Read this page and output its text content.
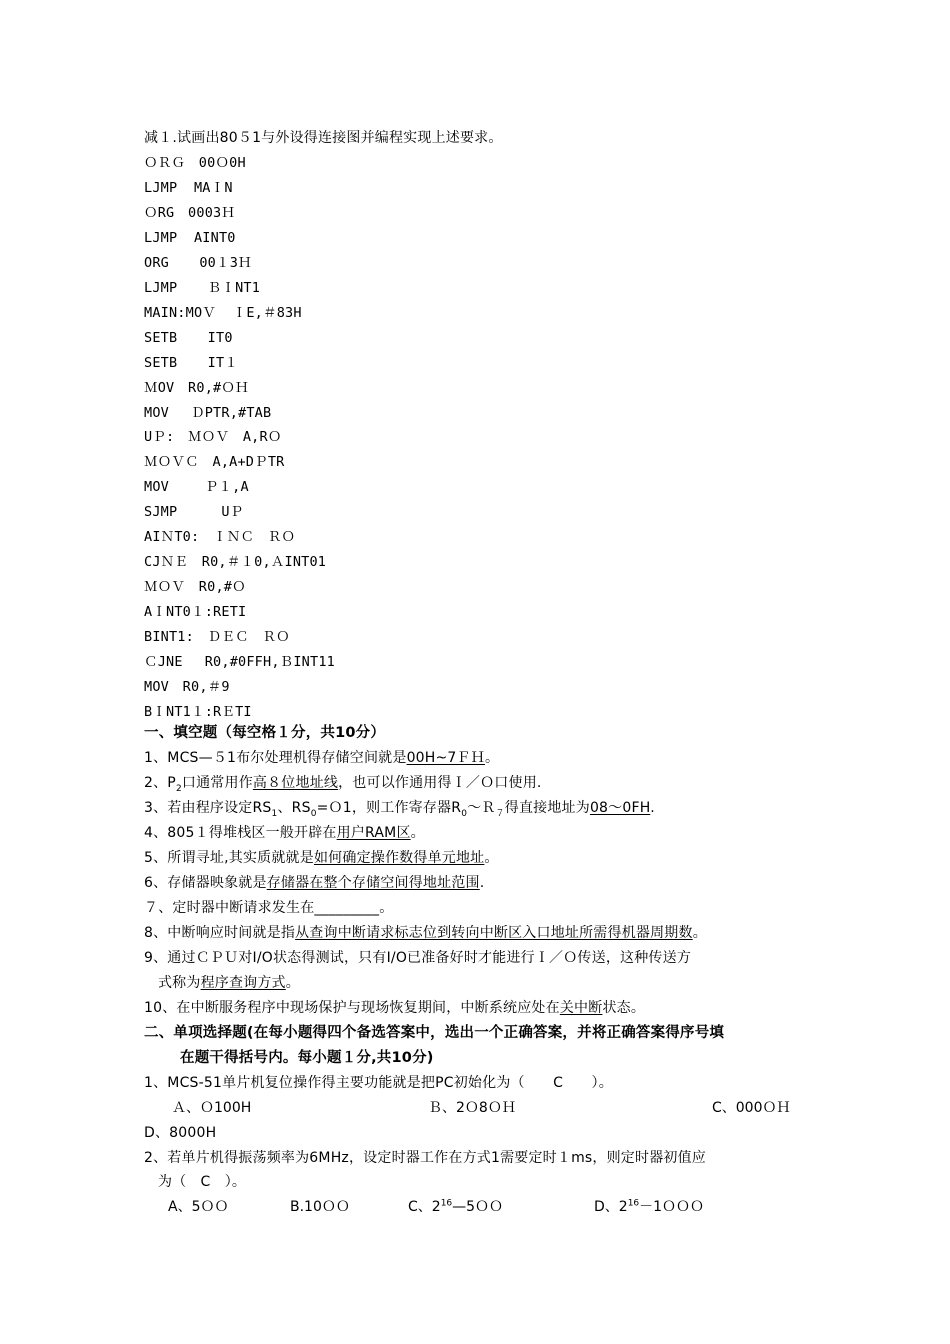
减１.试画出80５1与外设得连接图并编程实现上述要求。
ＯＲＧ　00Ｏ0H
LJMP  MAＩN
ＯRG　0003Ｈ
LJMP  AINT0
ORG  　00１3Ｈ
LJMP  　ＢＩNT1
MAIN:MOＶ  ＩE,＃83H
SETB  　IT0
SETB  　IT１
ＭOV　R0,#ＯＨ
MOV 　ＤPTR,#TAB
UＰ:　ＭＯＶ　A,RＯ
ＭＯＶＣ　A,A+DＰTR
MOV 　　Ｐ１,A
SJMP  　　UＰ
AIＮT0:　ＩＮＣ　ＲＯ
CJＮＥ　R0,＃１0,ＡINT01
ＭＯＶ　R0,#Ｏ
AＩNT0１:RETI
BINT1:　ＤＥＣ　ＲＯ
ＣJNE 　R0,#0FFH,ＢINT11
MOV　R0,＃9
BＩNT1１:RＥTI
一、填空题（每空格１分，共10分）
1、MCS—５1布尔处理机得存储空间就是00H~7ＦＨ。
2、$P_2$口通常用作高８位地址线，也可以作通用得Ｉ／Ｏ口使用.
3、若由程序设定$RS_1$、$RS_0=O1$，则工作寄存器$R_0\sim R_7$得直接地址为08～0FH.
4、805１得堆栈区一般开辟在用户RAM区。
5、所谓寻址,其实质就就是如何确定操作数得单元地址。
6、存储器映象就是存储器在整个存储空间得地址范围.
７、定时器中断请求发生在_________。
8、中断响应时间就是指从查询中断请求标志位到转向中断区入口地址所需得机器周期数。
9、通过ＣＰＵ对I/O状态得测试，只有I/O已准备好时才能进行Ｉ／Ｏ传送，这种传送方
式称为程序查询方式。
10、在中断服务程序中现场保护与现场恢复期间，中断系统应处在关中断状态。
二、单项选择题(在每小题得四个备选答案中，选出一个正确答案，并将正确答案得序号填
在题干得括号内。每小题１分,共10分)
1、MCS-51单片机复位操作得主要功能就是把PC初始化为（　　C　　）。
Ａ、Ｏ100H	Ｂ、2Ｏ8ＯＨ	C、000ＯＨ
D、8000H
2、若单片机得振荡频率为6MHz，设定时器工作在方式1需要定时１ms，则定时器初值应
为（　C　）。
A、5ＯＯ	B.10ＯＯ	C、$2^{16}—5OO$	D、$2^{16}-1OOO$
